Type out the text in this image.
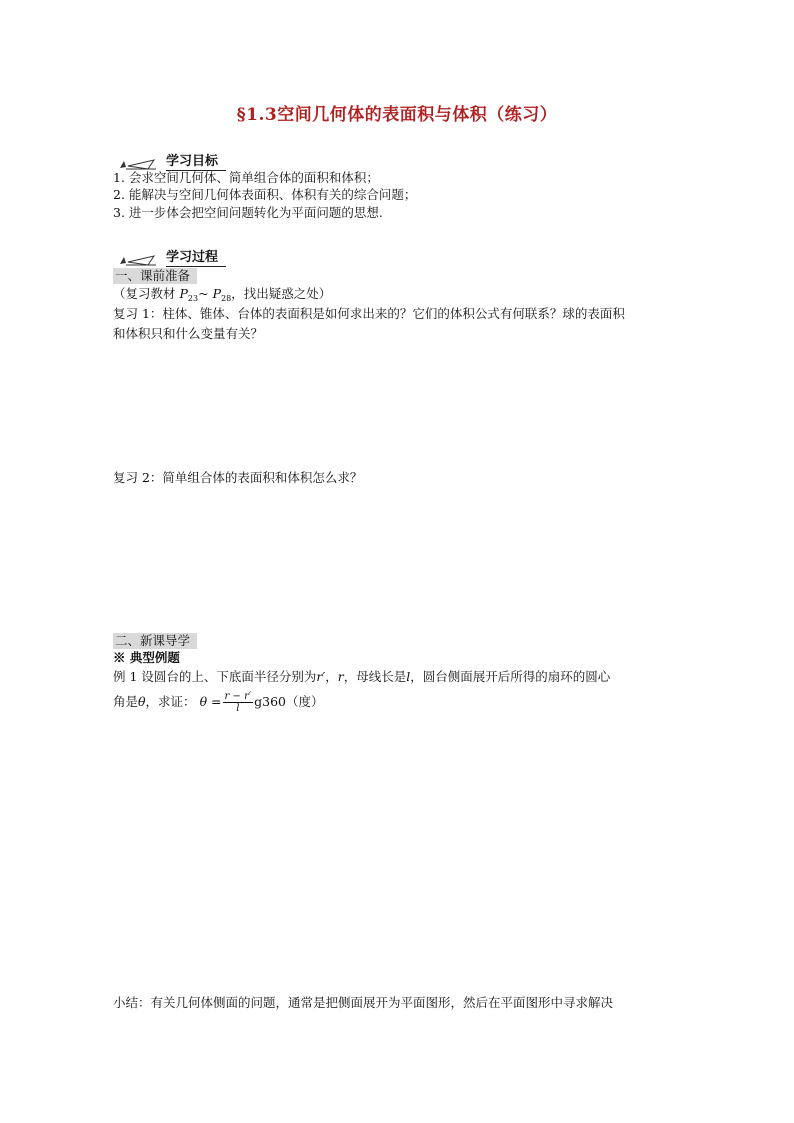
§1.3空间几何体的表面积与体积（练习）
学习目标
1. 会求空间几何体、简单组合体的面积和体积；
2. 能解决与空间几何体表面积、体积有关的综合问题；
3. 进一步体会把空间问题转化为平面问题的思想.
学习过程
一、课前准备
（复习教材 $P_{23}\sim$ $P_{28}$，找出疑惑之处）
复习 1：柱体、锥体、台体的表面积是如何求出来的？它们的体积公式有何联系？球的表面积
和体积只和什么变量有关？
复习 2：简单组合体的表面积和体积怎么求？
二、新课导学
※ 典型例题
例 1 设圆台的上、下底面半径分别为r′，r，母线长是l，圆台侧面展开后所得的扇环的圆心
角是 θ ，求证： $\theta = \frac{r - r'}{l} g360$（度）
小结：有关几何体侧面的问题，通常是把侧面展开为平面图形，然后在平面图形中寻求解决
